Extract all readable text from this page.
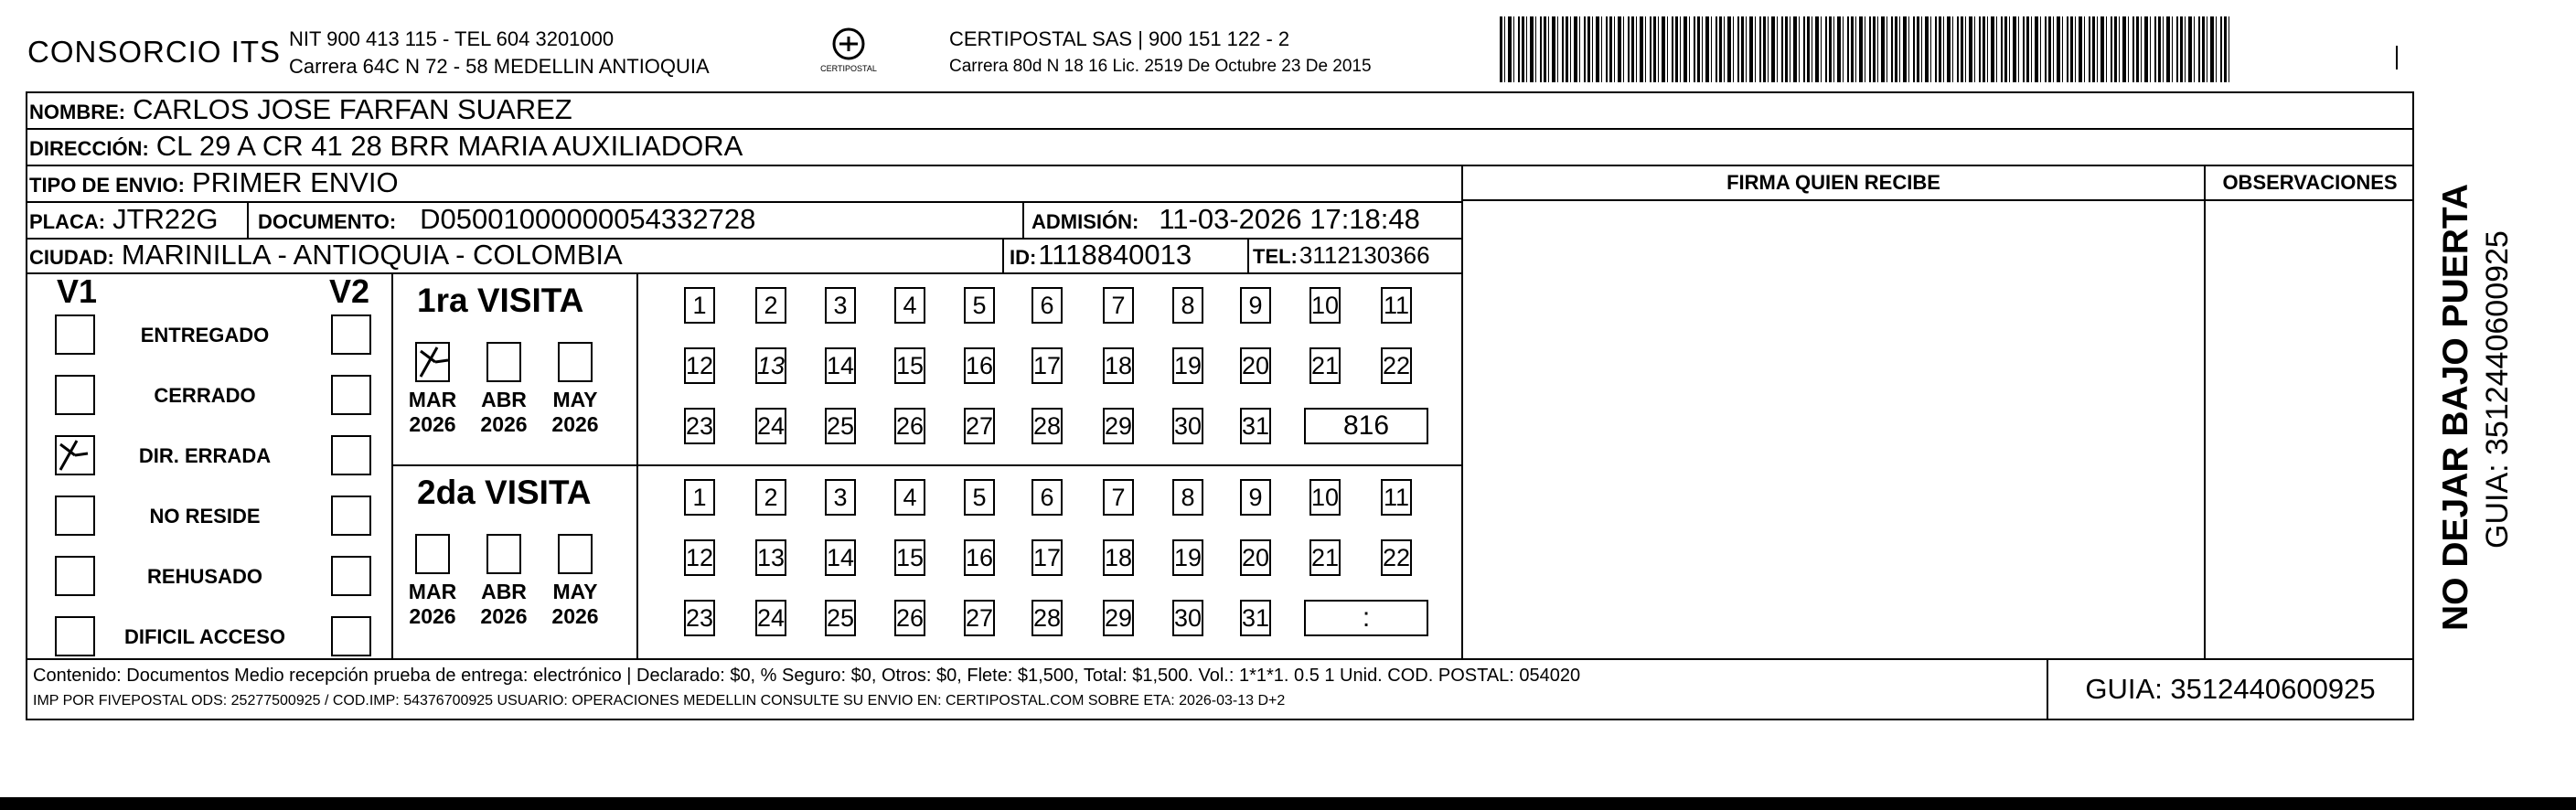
CONSORCIO ITS NIT 900 413 115 - TEL 604 3201000
Carrera 64C N 72 - 58 MEDELLIN ANTIOQUIA	CERTIPOSTAL
CERTIPOSTAL SAS | 900 151 122 - 2
Carrera 80d N 18 16 Lic. 2519 De Octubre 23 De 2015
NOMBRE: CARLOS JOSE FARFAN SUAREZ
DIRECCIÓN: CL 29 A CR 41 28 BRR MARIA AUXILIADORA
TIPO DE ENVIO: PRIMER ENVIO
PLACA: JTR22G DOCUMENTO: D05001000000054332728	ADMISIÓN: 11-03-2026 17:18:48
CIUDAD: MARINILLA - ANTIOQUIA - COLOMBIA	ID: 1118840013	TEL: 3112130366
FIRMA QUIEN RECIBE	OBSERVACIONES
V1	V2
ENTREGADO
CERRADO
DIR. ERRADA
NO RESIDE
REHUSADO
DIFICIL ACCESO
1ra VISITA
MAR
2026
ABR
2026
MAY
2026
1	2	3	4	5	6	7	8	9	10 11
12 13 14 15 16 17 18 19 20 21 22
23 24 25 26 27 28 29 30 31	816
2da VISITA
MAR
2026
ABR
2026
MAY
2026
1	2	3	4	5	6	7	8	9	10 11
12 13 14 15 16 17 18 19 20 21 22
23 24 25 26 27 28 29 30 31	:
Contenido: Documentos Medio recepción prueba de entrega: electrónico | Declarado: $0, % Seguro: $0, Otros: $0, Flete: $1,500, Total: $1,500. Vol.: 1*1*1. 0.5 1 Unid. COD. POSTAL: 054020
IMP POR FIVEPOSTAL ODS: 25277500925 / COD.IMP: 54376700925 USUARIO: OPERACIONES MEDELLIN CONSULTE SU ENVIO EN: CERTIPOSTAL.COM SOBRE ETA: 2026-03-13 D+2	GUIA: 3512440600925
NO DEJAR BAJO PUERTA GUIA: 3512440600925
